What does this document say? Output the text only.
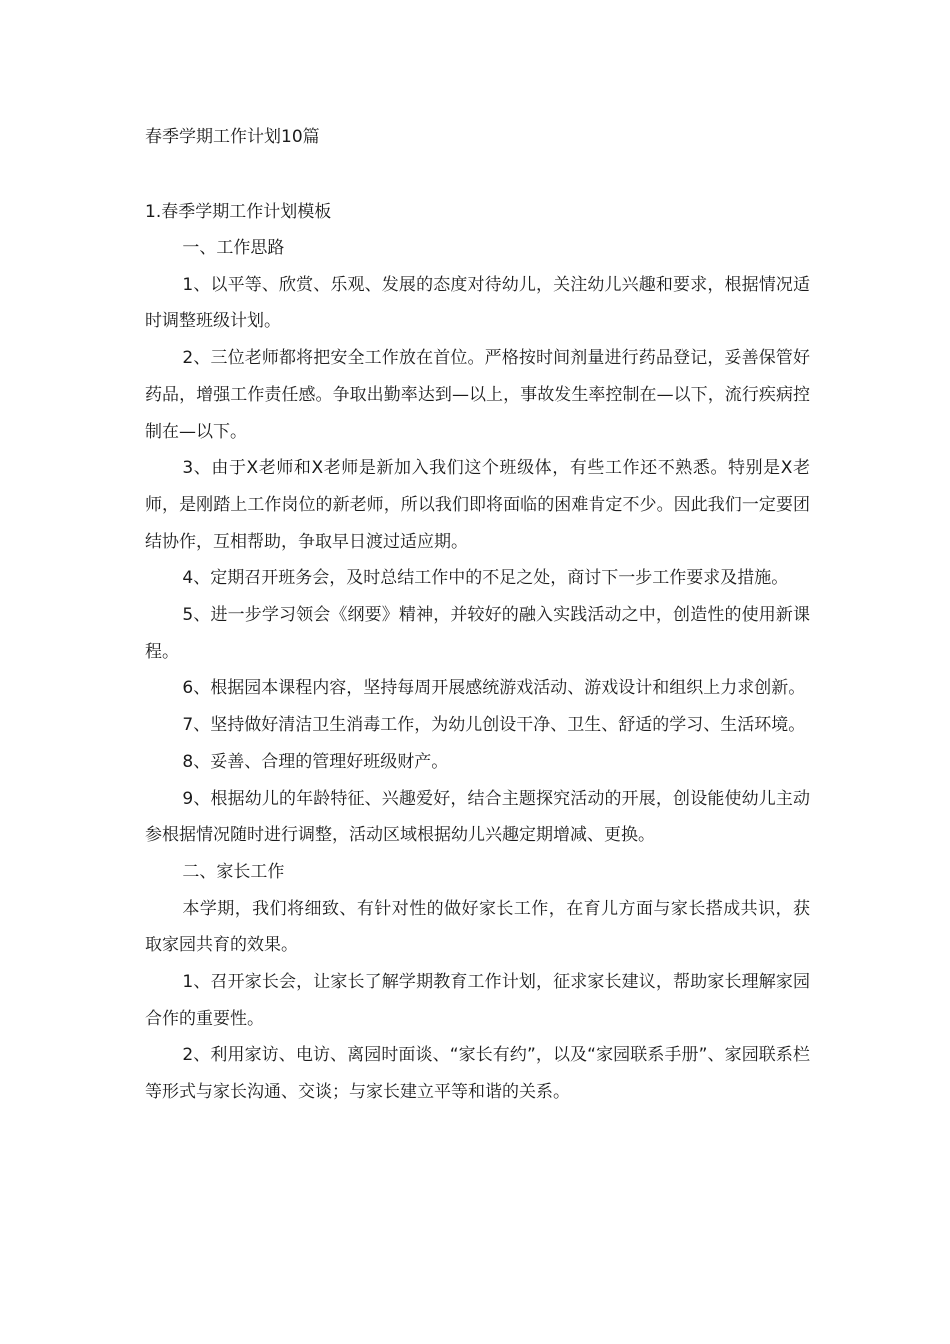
春季学期工作计划10篇
1.春季学期工作计划模板

一、工作思路

1、以平等、欣赏、乐观、发展的态度对待幼儿，关注幼儿兴趣和要求，根据情况适时调整班级计划。

2、三位老师都将把安全工作放在首位。严格按时间剂量进行药品登记，妥善保管好药品，增强工作责任感。争取出勤率达到—以上，事故发生率控制在—以下，流行疾病控制在—以下。

3、由于X老师和X老师是新加入我们这个班级体，有些工作还不熟悉。特别是X老师，是刚踏上工作岗位的新老师，所以我们即将面临的困难肯定不少。因此我们一定要团结协作，互相帮助，争取早日渡过适应期。

4、定期召开班务会，及时总结工作中的不足之处，商讨下一步工作要求及措施。

5、进一步学习领会《纲要》精神，并较好的融入实践活动之中，创造性的使用新课程。

6、根据园本课程内容，坚持每周开展感统游戏活动、游戏设计和组织上力求创新。

7、坚持做好清洁卫生消毒工作，为幼儿创设干净、卫生、舒适的学习、生活环境。

8、妥善、合理的管理好班级财产。

9、根据幼儿的年龄特征、兴趣爱好，结合主题探究活动的开展，创设能使幼儿主动参根据情况随时进行调整，活动区域根据幼儿兴趣定期增减、更换。

二、家长工作

本学期，我们将细致、有针对性的做好家长工作，在育儿方面与家长搭成共识，获取家园共育的效果。

1、召开家长会，让家长了解学期教育工作计划，征求家长建议，帮助家长理解家园合作的重要性。

2、利用家访、电访、离园时面谈、“家长有约”，以及“家园联系手册”、家园联系栏等形式与家长沟通、交谈；与家长建立平等和谐的关系。
